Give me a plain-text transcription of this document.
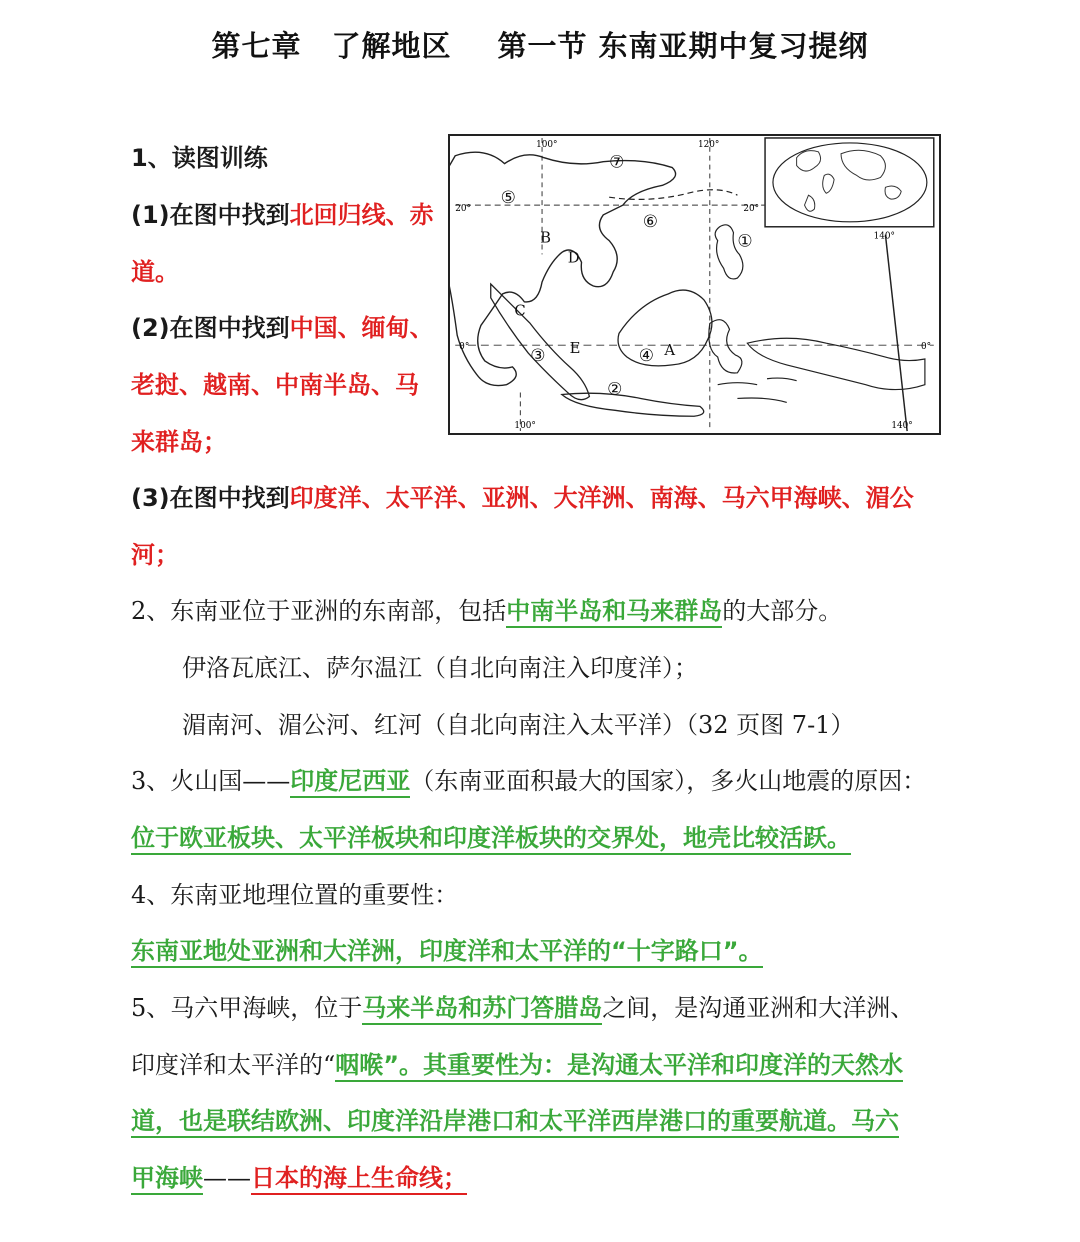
第七章　了解地区 第一节 东南亚期中复习提纲
1、读图训练
(1)在图中找到北回归线、赤
道。
(2)在图中找到中国、缅甸、
老挝、越南、中南半岛、马
来群岛；
(3)在图中找到印度洋、太平洋、亚洲、大洋洲、南海、马六甲海峡、湄公
河；
2、东南亚位于亚洲的东南部，包括中南半岛和马来群岛的大部分。
伊洛瓦底江、萨尔温江（自北向南注入印度洋）；
湄南河、湄公河、红河（自北向南注入太平洋）（32 页图 7-1）
3、火山国——印度尼西亚（东南亚面积最大的国家），多火山地震的原因：
位于欧亚板块、太平洋板块和印度洋板块的交界处，地壳比较活跃。
4、东南亚地理位置的重要性：
东南亚地处亚洲和大洋洲，印度洋和太平洋的“十字路口”。
5、马六甲海峡，位于马来半岛和苏门答腊岛之间，是沟通亚洲和大洋洲、
印度洋和太平洋的“咽喉”。其重要性为：是沟通太平洋和印度洋的天然水
道，也是联结欧洲、印度洋沿岸港口和太平洋西岸港口的重要航道。马六
甲海峡——日本的海上生命线；
100°	120°
20°	20°
140°
0°	0°
100°	140°
①
②
③	④
⑤
⑥
⑦
A
B
C
D
E
